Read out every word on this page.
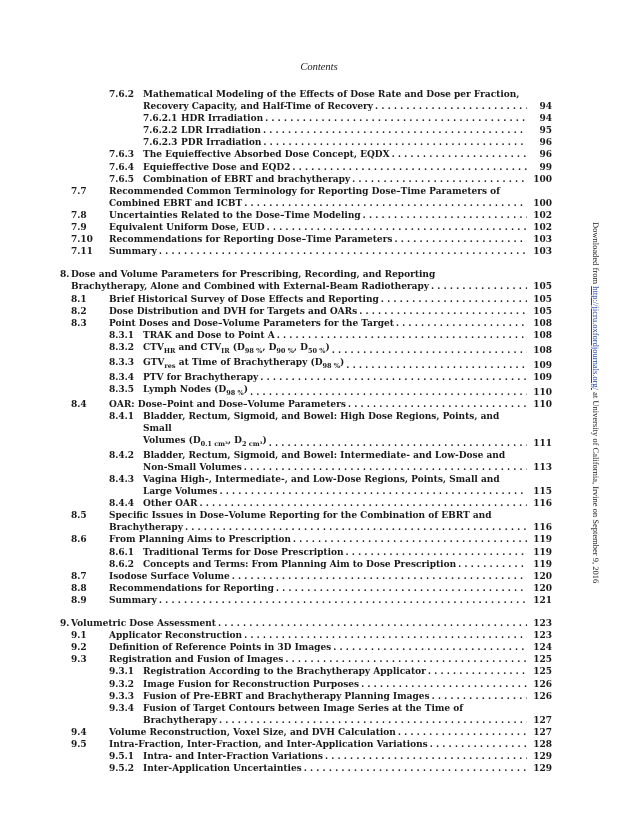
Contents
7.6.2 Mathematical Modeling of the Effects of Dose Rate and Dose per Fraction,
Recovery Capacity, and Half-Time of Recovery . . .	94
7.6.2.1 HDR Irradiation . . .	94
7.6.2.2 LDR Irradiation . . .	95
7.6.2.3 PDR Irradiation . . .	96
7.6.3 The Equieffective Absorbed Dose Concept, EQDX . . .	96
7.6.4 Equieffective Dose and EQD2 . . .	99
7.6.5 Combination of EBRT and brachytherapy . . .	100
7.7 Recommended Common Terminology for Reporting Dose–Time Parameters of
Combined EBRT and ICBT . . .	100
7.8 Uncertainties Related to the Dose–Time Modeling . . .	102
7.9 Equivalent Uniform Dose, EUD . . .	102
7.10 Recommendations for Reporting Dose–Time Parameters . . .	103
7.11 Summary . . .	103
8. Dose and Volume Parameters for Prescribing, Recording, and Reporting
Brachytherapy, Alone and Combined with External-Beam Radiotherapy . . .	105
8.1 Brief Historical Survey of Dose Effects and Reporting . . .	105
8.2 Dose Distribution and DVH for Targets and OARs . . .	105
8.3 Point Doses and Dose–Volume Parameters for the Target . . .	108
8.3.1 TRAK and Dose to Point A . . .	108
8.3.2 $CTV_{HR}$ and $CTV_{IR}$ ($D_{98 \%}$, $D_{90 \%}$, $D_{50 \%}$) . . .	108
8.3.3 $GTV_{res}$ at Time of Brachytherapy $(D_{98 \%})$ . . .	109
8.3.4 PTV for Brachytherapy . . .	109
8.3.5 Lymph Nodes $(D_{98 \%})$ . . .	110
8.4 OAR: Dose–Point and Dose–Volume Parameters . . .	110
8.4.1 Bladder, Rectum, Sigmoid, and Bowel: High Dose Regions, Points, and Small
Volumes ($D_{0.1 cm^3}$, $D_{2 cm^3}$) . . .	111
8.4.2 Bladder, Rectum, Sigmoid, and Bowel: Intermediate- and Low-Dose and
Non-Small Volumes . . .	113
8.4.3 Vagina High-, Intermediate-, and Low-Dose Regions, Points, Small and
Large Volumes . . .	115
8.4.4 Other OAR . . .	116
8.5 Specific Issues in Dose–Volume Reporting for the Combination of EBRT and
Brachytherapy . . .	116
8.6 From Planning Aims to Prescription . . .	119
8.6.1 Traditional Terms for Dose Prescription . . .	119
8.6.2 Concepts and Terms: From Planning Aim to Dose Prescription . . .	119
8.7 Isodose Surface Volume . . .	120
8.8 Recommendations for Reporting . . .	120
8.9 Summary . . .	121
9. Volumetric Dose Assessment . . .	123
9.1 Applicator Reconstruction . . .	123
9.2 Definition of Reference Points in 3D Images . . .	124
9.3 Registration and Fusion of Images . . .	125
9.3.1 Registration According to the Brachytherapy Applicator . . .	125
9.3.2 Image Fusion for Reconstruction Purposes . . .	126
9.3.3 Fusion of Pre-EBRT and Brachytherapy Planning Images . . .	126
9.3.4 Fusion of Target Contours between Image Series at the Time of
Brachytherapy . . .	127
9.4 Volume Reconstruction, Voxel Size, and DVH Calculation . . .	127
9.5 Intra-Fraction, Inter-Fraction, and Inter-Application Variations . . .	128
9.5.1 Intra- and Inter-Fraction Variations . . .	129
9.5.2 Inter-Application Uncertainties . . .	129
Downloaded from http://jicru.oxfordjournals.org/ at University of California, Irvine on September 9, 2016
